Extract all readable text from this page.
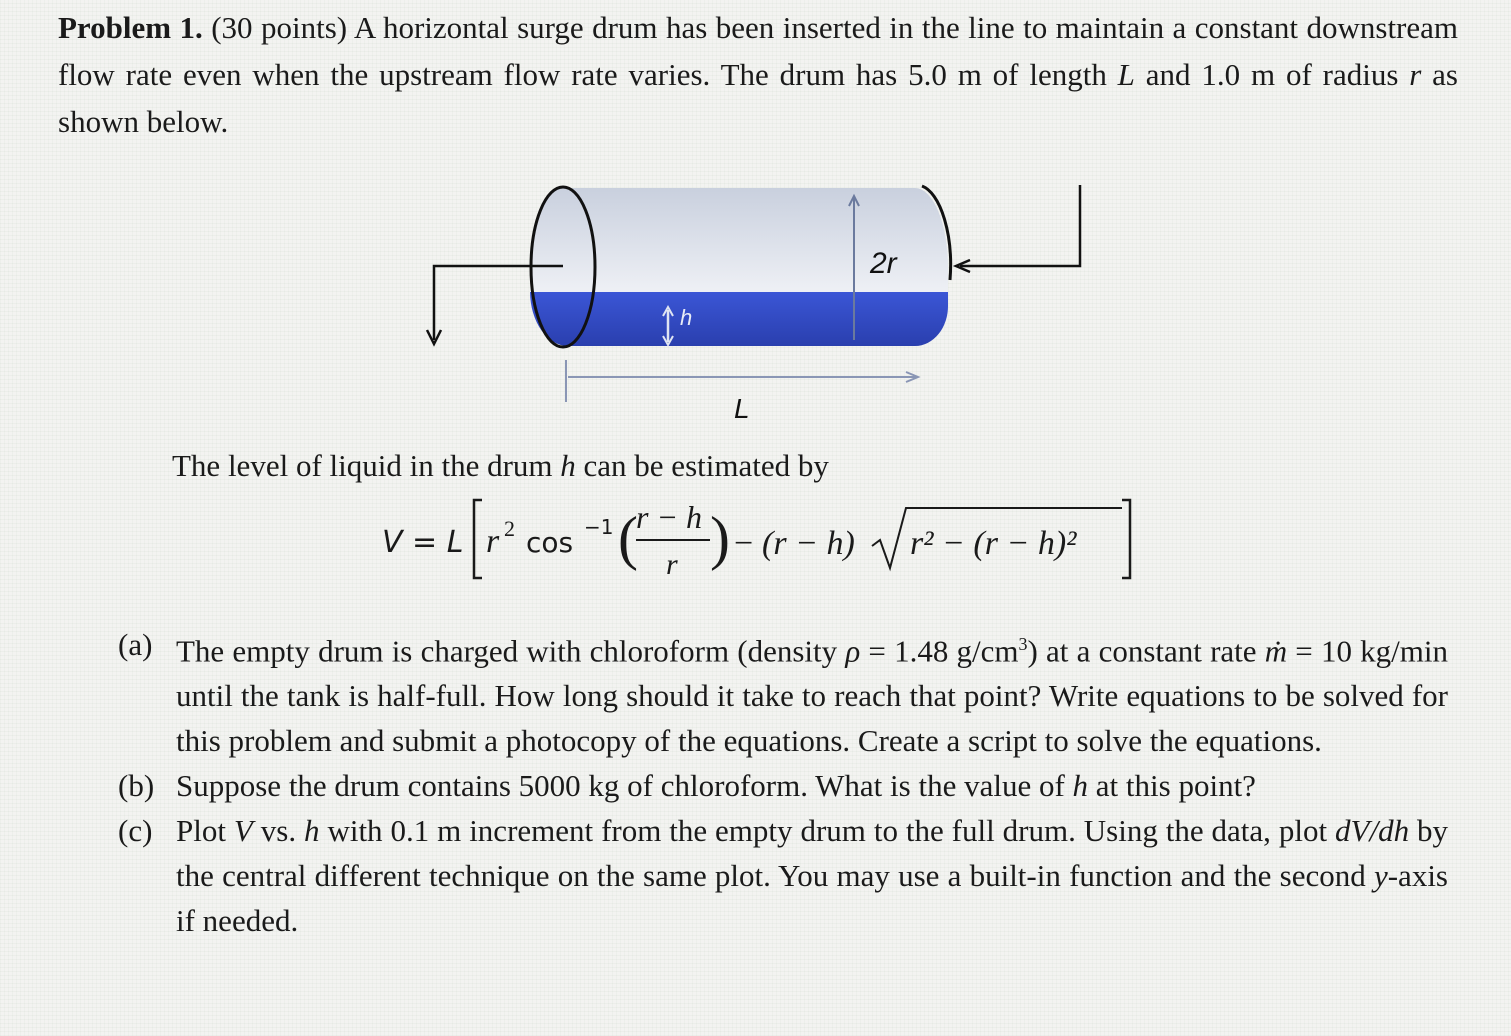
Problem 1. (30 points) A horizontal surge drum has been inserted in the line to maintain a constant downstream flow rate even when the upstream flow rate varies. The drum has 5.0 m of length L and 1.0 m of radius r as shown below.

2r
h
L

The level of liquid in the drum h can be estimated by

V = L r 2 cos −1 (
r − h
r ) − (r − h) r² − (r − h)²
(a) The empty drum is charged with chloroform (density ρ = 1.48 $g/cm^3$) at a constant rate ṁ = 10 kg/min until the tank is half-full. How long should it take to reach that point? Write equations to be solved for this problem and submit a photocopy of the equations. Create a script to solve the equations.
(b) Suppose the drum contains 5000 kg of chloroform. What is the value of h at this point?
(c) Plot V vs. h with 0.1 m increment from the empty drum to the full drum. Using the data, plot dV/dh by the central different technique on the same plot. You may use a built-in function and the second y-axis if needed.
